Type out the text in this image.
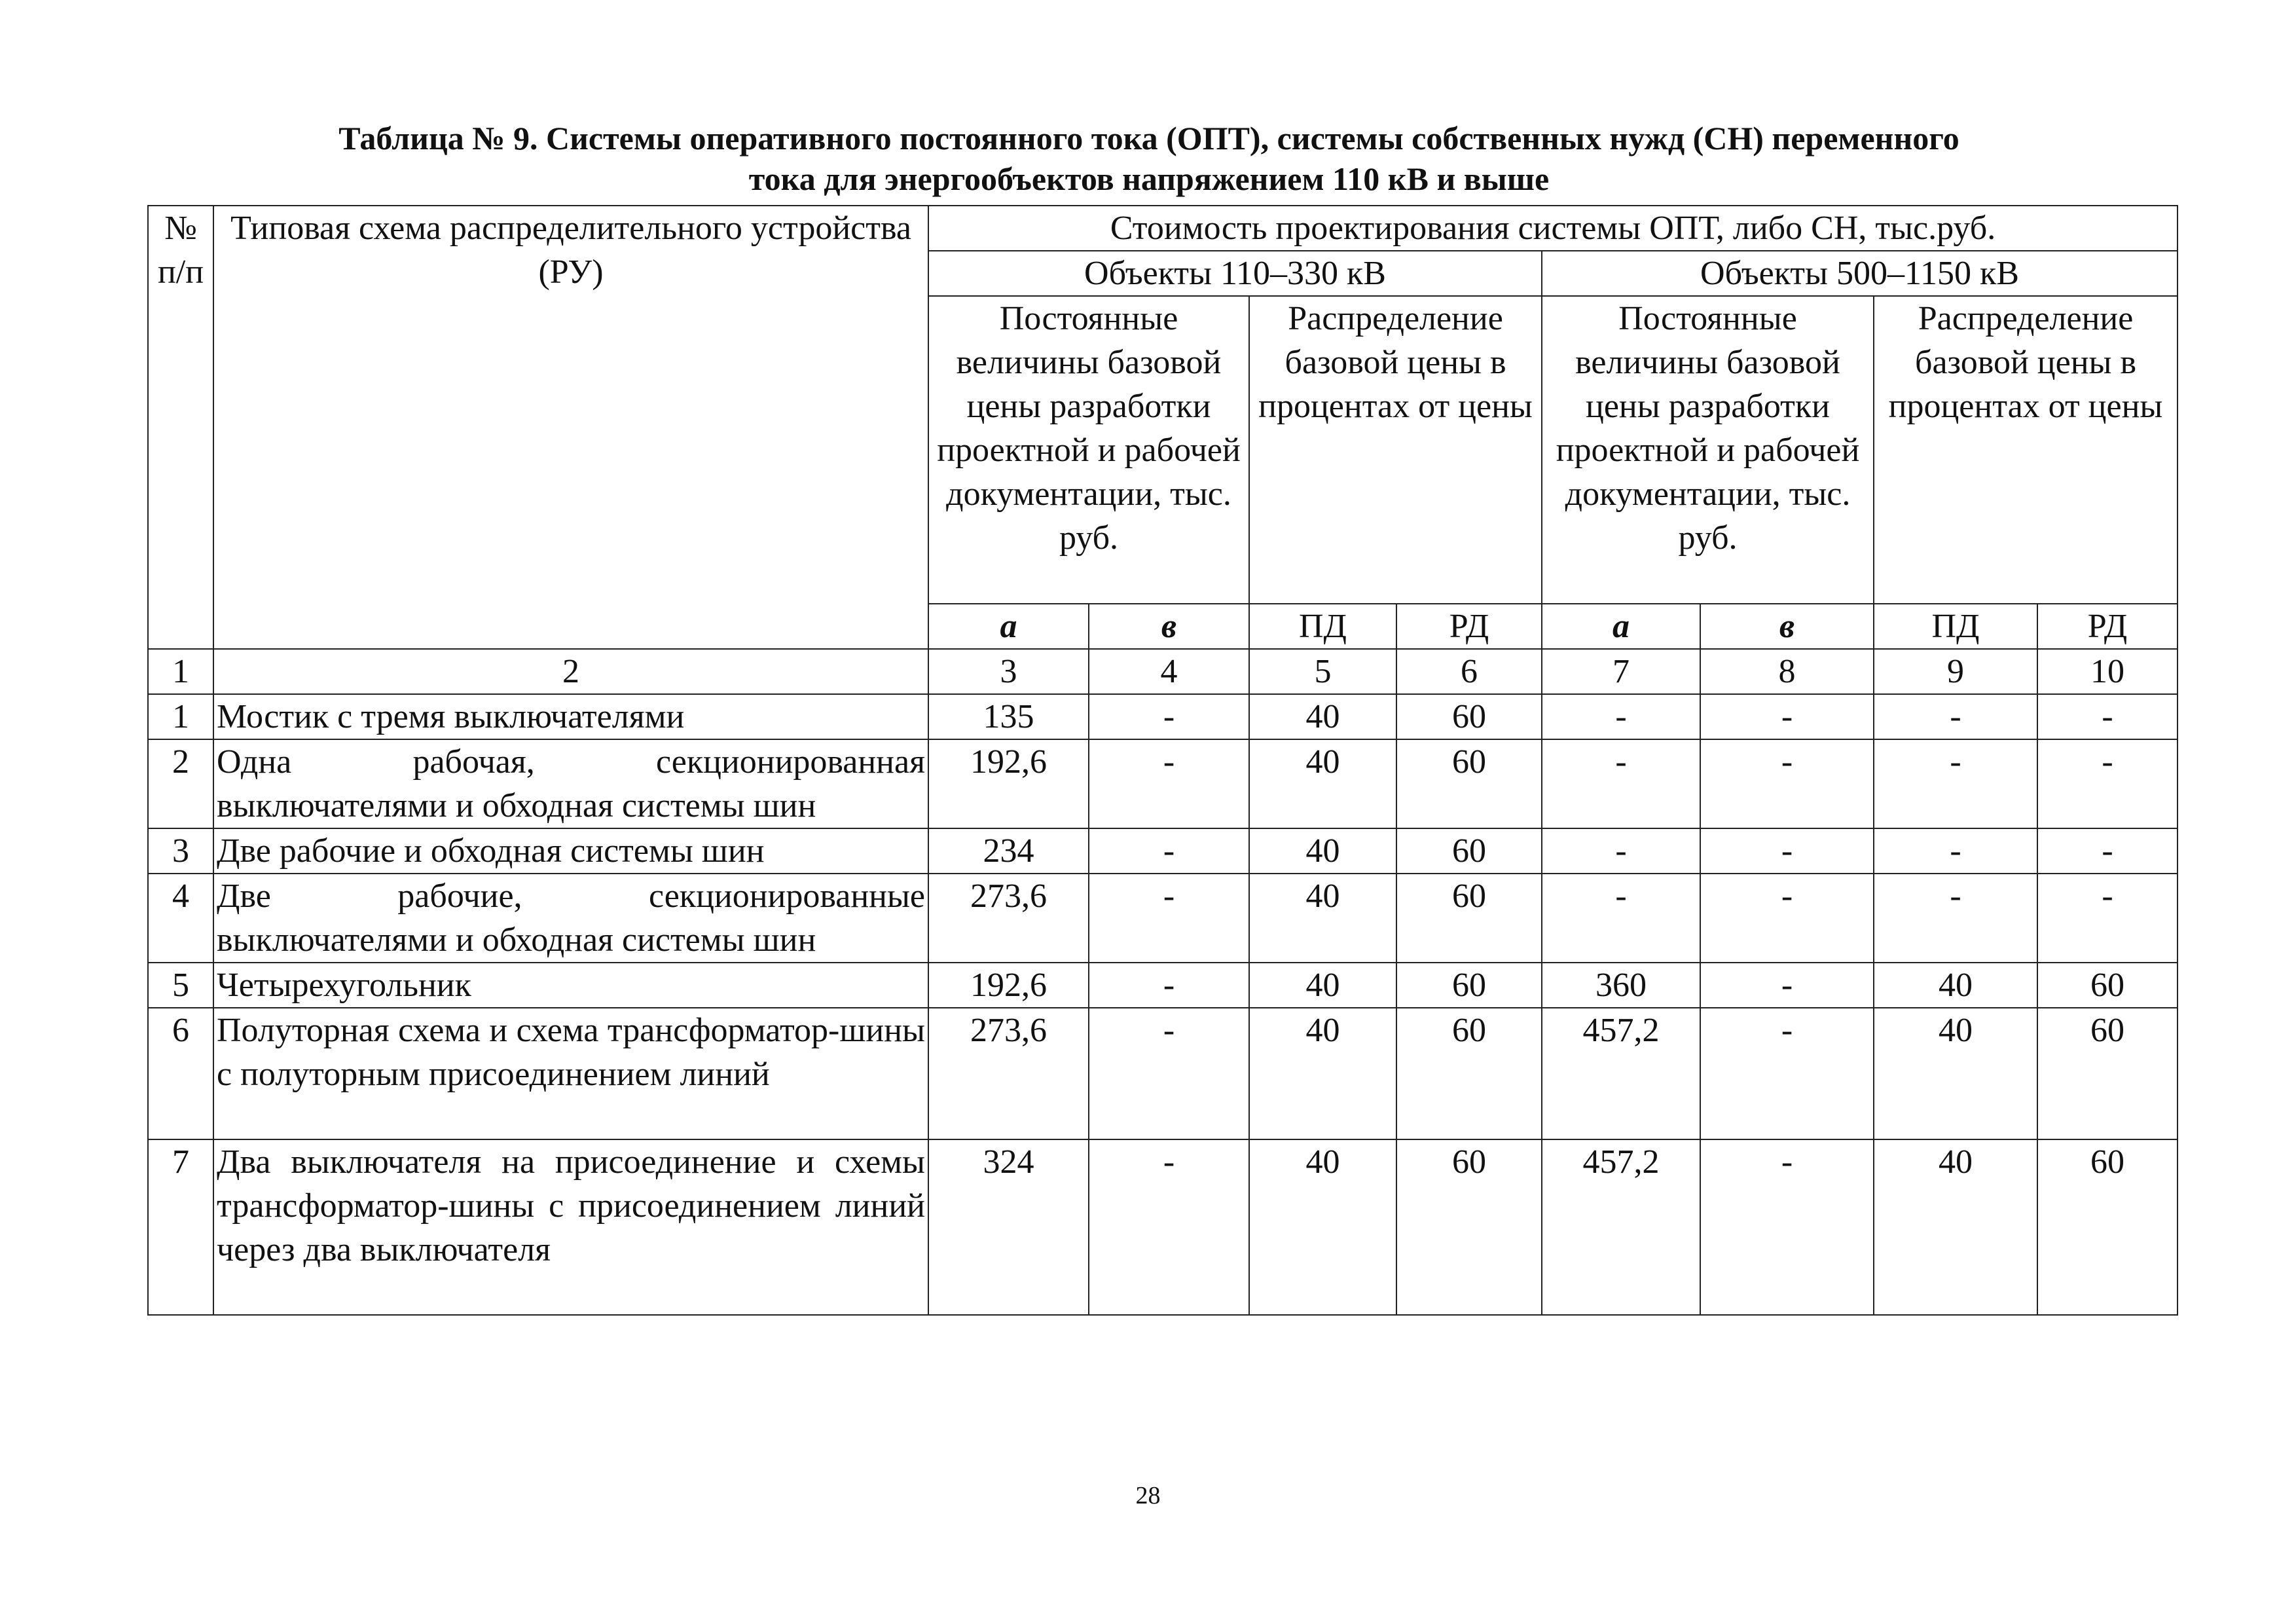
Таблица № 9. Системы оперативного постоянного тока (ОПТ), системы собственных нужд (СН) переменного
тока для энергообъектов напряжением 110 кВ и выше
№ п/п	Типовая схема распределительного устройства (РУ)	Стоимость проектирования системы ОПТ, либо СН, тыс.руб.							
		Объекты 110–330 кВ				Объекты 500–1150 кВ			
		Постоянные величины базовой цены разработки проектной и рабочей документации, тыс. руб.		Распределение базовой цены в процентах от цены		Постоянные величины базовой цены разработки проектной и рабочей документации, тыс. руб.		Распределение базовой цены в процентах от цены	
		а	в	ПД	РД	а	в	ПД	РД
1	2	3	4	5	6	7	8	9	10
1	Мостик с тремя выключателями	135	-	40	60	-	-	-	-
2	Одна рабочая, секционированная выключателями и обходная системы шин	192,6	-	40	60	-	-	-	-
3	Две рабочие и обходная системы шин	234	-	40	60	-	-	-	-
4	Две рабочие, секционированные выключателями и обходная системы шин	273,6	-	40	60	-	-	-	-
5	Четырехугольник	192,6	-	40	60	360	-	40	60
6	Полуторная схема и схема трансформатор-шины с полуторным присоединением линий	273,6	-	40	60	457,2	-	40	60
7	Два выключателя на присоединение и схемы трансформатор-шины с присоединением линий через два выключателя	324	-	40	60	457,2	-	40	60
28
